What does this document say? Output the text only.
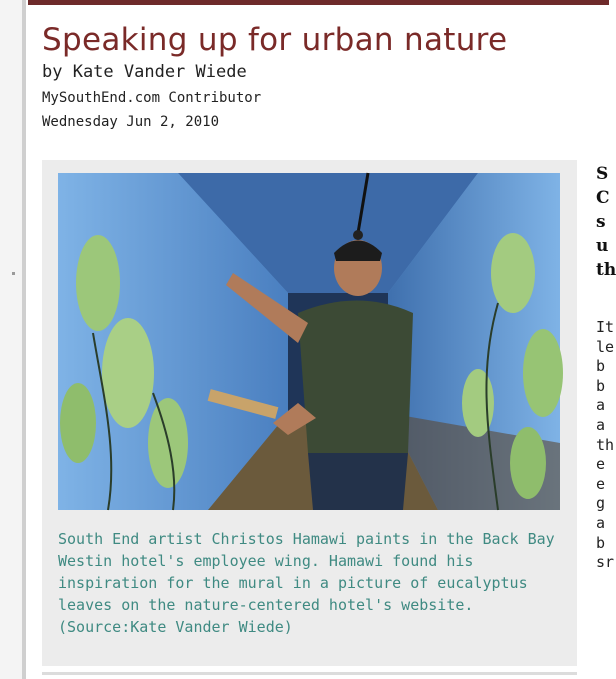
Speaking up for urban nature
by Kate Vander Wiede
MySouthEnd.com Contributor
Wednesday Jun 2, 2010

South End artist Christos Hamawi paints in the Back Bay Westin hotel's employee wing. Hamawi found his inspiration for the mural in a picture of eucalyptus leaves on the nature-centered hotel's website. (Source:Kate Vander Wiede)

S
C
s
u
th
It
le
b
b
a
a
th
e
e
g
a
b
sr
